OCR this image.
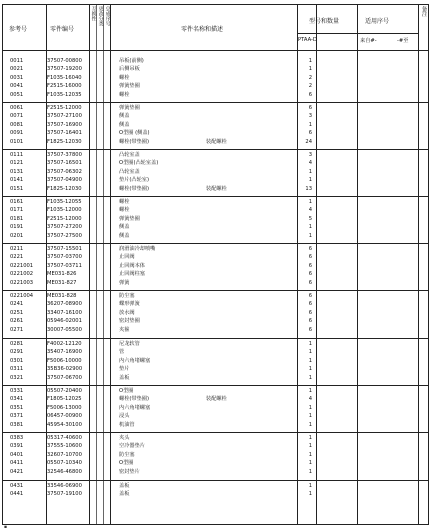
参考号	零件编号
互换性 更改分类 总成序号
零件名称和描述
型号和数量	适用序号
PTAA-D	来自#-	-#至
备注
0011	37507-00800	吊板(前侧)	1
0021	37507-19200	后侧吊板	1
0031	F1035-16040	螺栓	2
0041	F2515-16000	弹簧垫圈	2
0051	F1035-12035	螺栓	6
0061	F2515-12000	弹簧垫圈	6
0071	37507-27100	侧盖	3
0081	37507-16900	侧盖	1
0091	37507-16401	O型圈 (侧盖)	6
0101	F1825-12030	螺栓(带垫圈)	装配螺栓	24
0111	37507-37800	凸轮室盖	3
0121	37507-16501	O型圈(凸轮室盖)	4
0131	37507-06302	凸轮室盖	1
0141	37507-04900	垫片(凸轮室)	1
0151	F1825-12030	螺栓(带垫圈)	装配螺栓	13
0161	F1035-12055	螺栓	1
0171	F1035-12000	螺栓	4
0181	F2515-12000	弹簧垫圈	5
0191	37507-27200	侧盖	1
0201	37507-27500	侧盖	1
0211	37507-15501	润滑油冷却喷嘴	6
0221	37507-03700	止回阀	6
0221001	37507-03711	止回阀本体	6
0221002	ME031-826	止回阀柱塞	6
0221003	ME031-827	弹簧	6
0221004	ME031-828	防尘塞	6
0241	36207-08900	蝶形弹簧	6
0251	33407-16100	放水阀	6
0261	05946-02001	密封垫圈	6
0271	30007-05500	夹箍	6
0281	F4002-12120	尼龙软管	1
0291	35407-16900	管	1
0301	F5006-10000	内六角堵螺塞	1
0311	35B36-02900	垫片	1
0321	37507-06700	盖板	1
0331	05507-20400	O型圈	1
0341	F1805-12025	螺栓(带垫圈)	装配螺栓	4
0351	F5006-13000	内六角堵螺塞	1
0371	06457-00900	浸头	1
0381	45954-30100	机油管	1
0383	05317-40600	夹头	1
0391	37555-10600	空冷器垫片	1
0401	32607-10700	防尘塞	1
0411	05507-10340	O型圈	1
0421	32546-46800	密封垫片	1
0431	33546-06900	盖板	1
0441	37507-19100	盖板	1
▪
